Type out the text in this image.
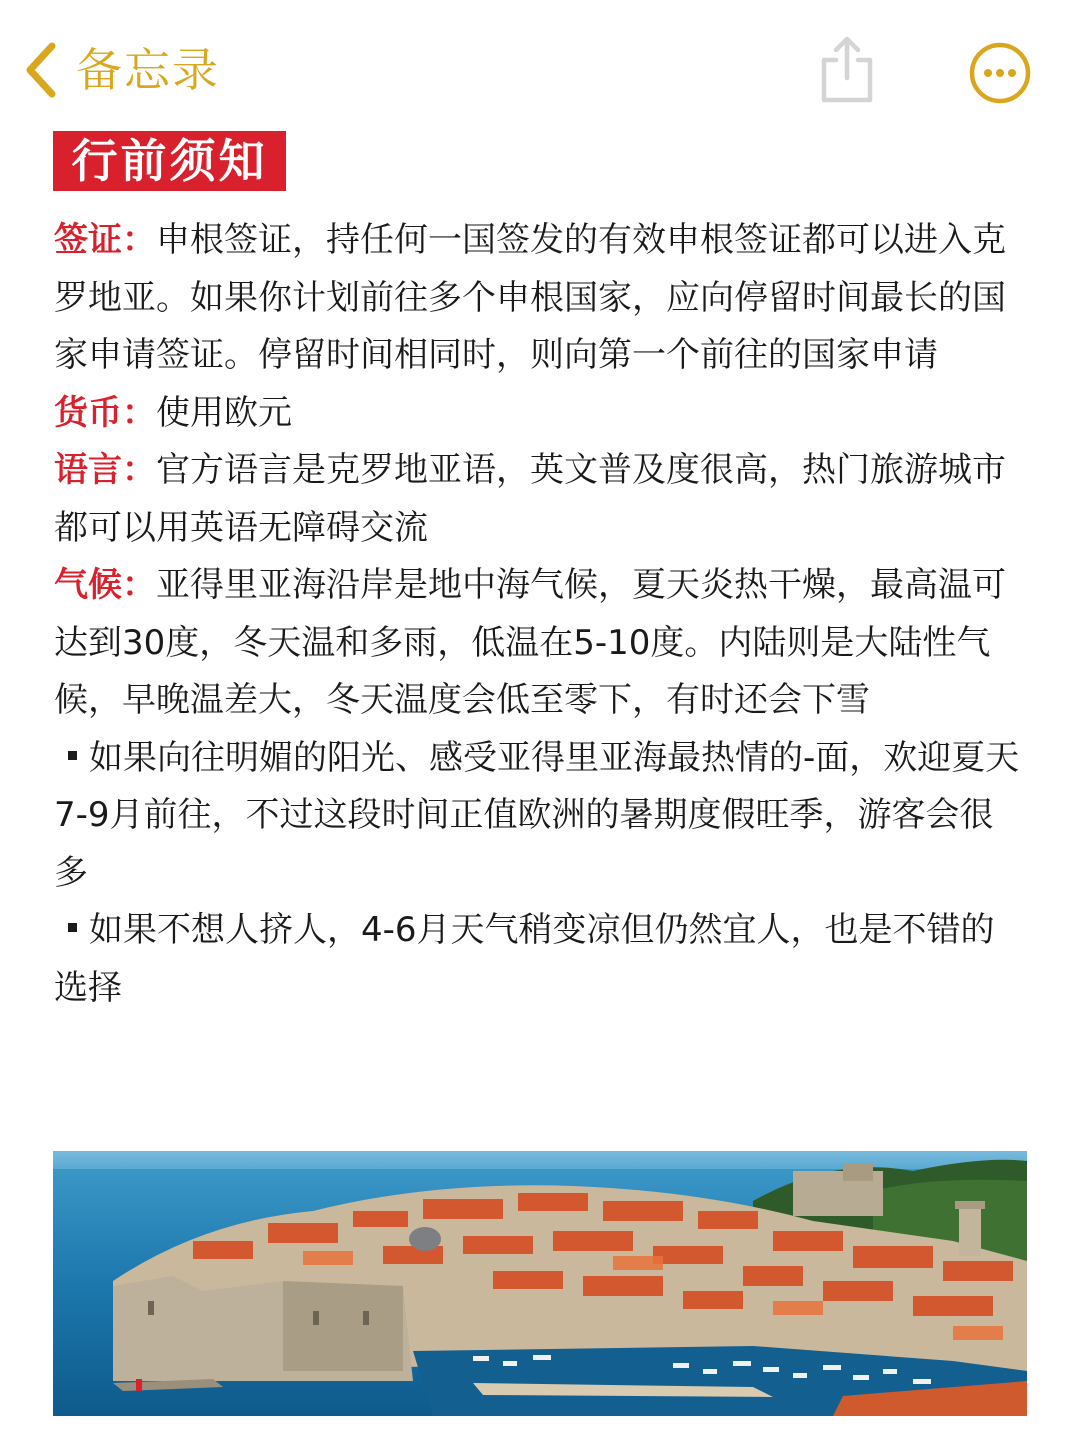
备忘录
行前须知

签证：申根签证，持任何一国签发的有效申根签证都可以进入克罗地亚。如果你计划前往多个申根国家，应向停留时间最长的国家申请签证。停留时间相同时，则向第一个前往的国家申请

货币：使用欧元

语言：官方语言是克罗地亚语，英文普及度很高，热门旅游城市都可以用英语无障碍交流

气候：亚得里亚海沿岸是地中海气候，夏天炎热干燥，最高温可达到30度，冬天温和多雨，低温在5-10度。内陆则是大陆性气候，早晚温差大，冬天温度会低至零下，有时还会下雪

如果向往明媚的阳光、感受亚得里亚海最热情的-面，欢迎夏天7-9月前往，不过这段时间正值欧洲的暑期度假旺季，游客会很多

如果不想人挤人，4-6月天气稍变凉但仍然宜人，也是不错的选择
